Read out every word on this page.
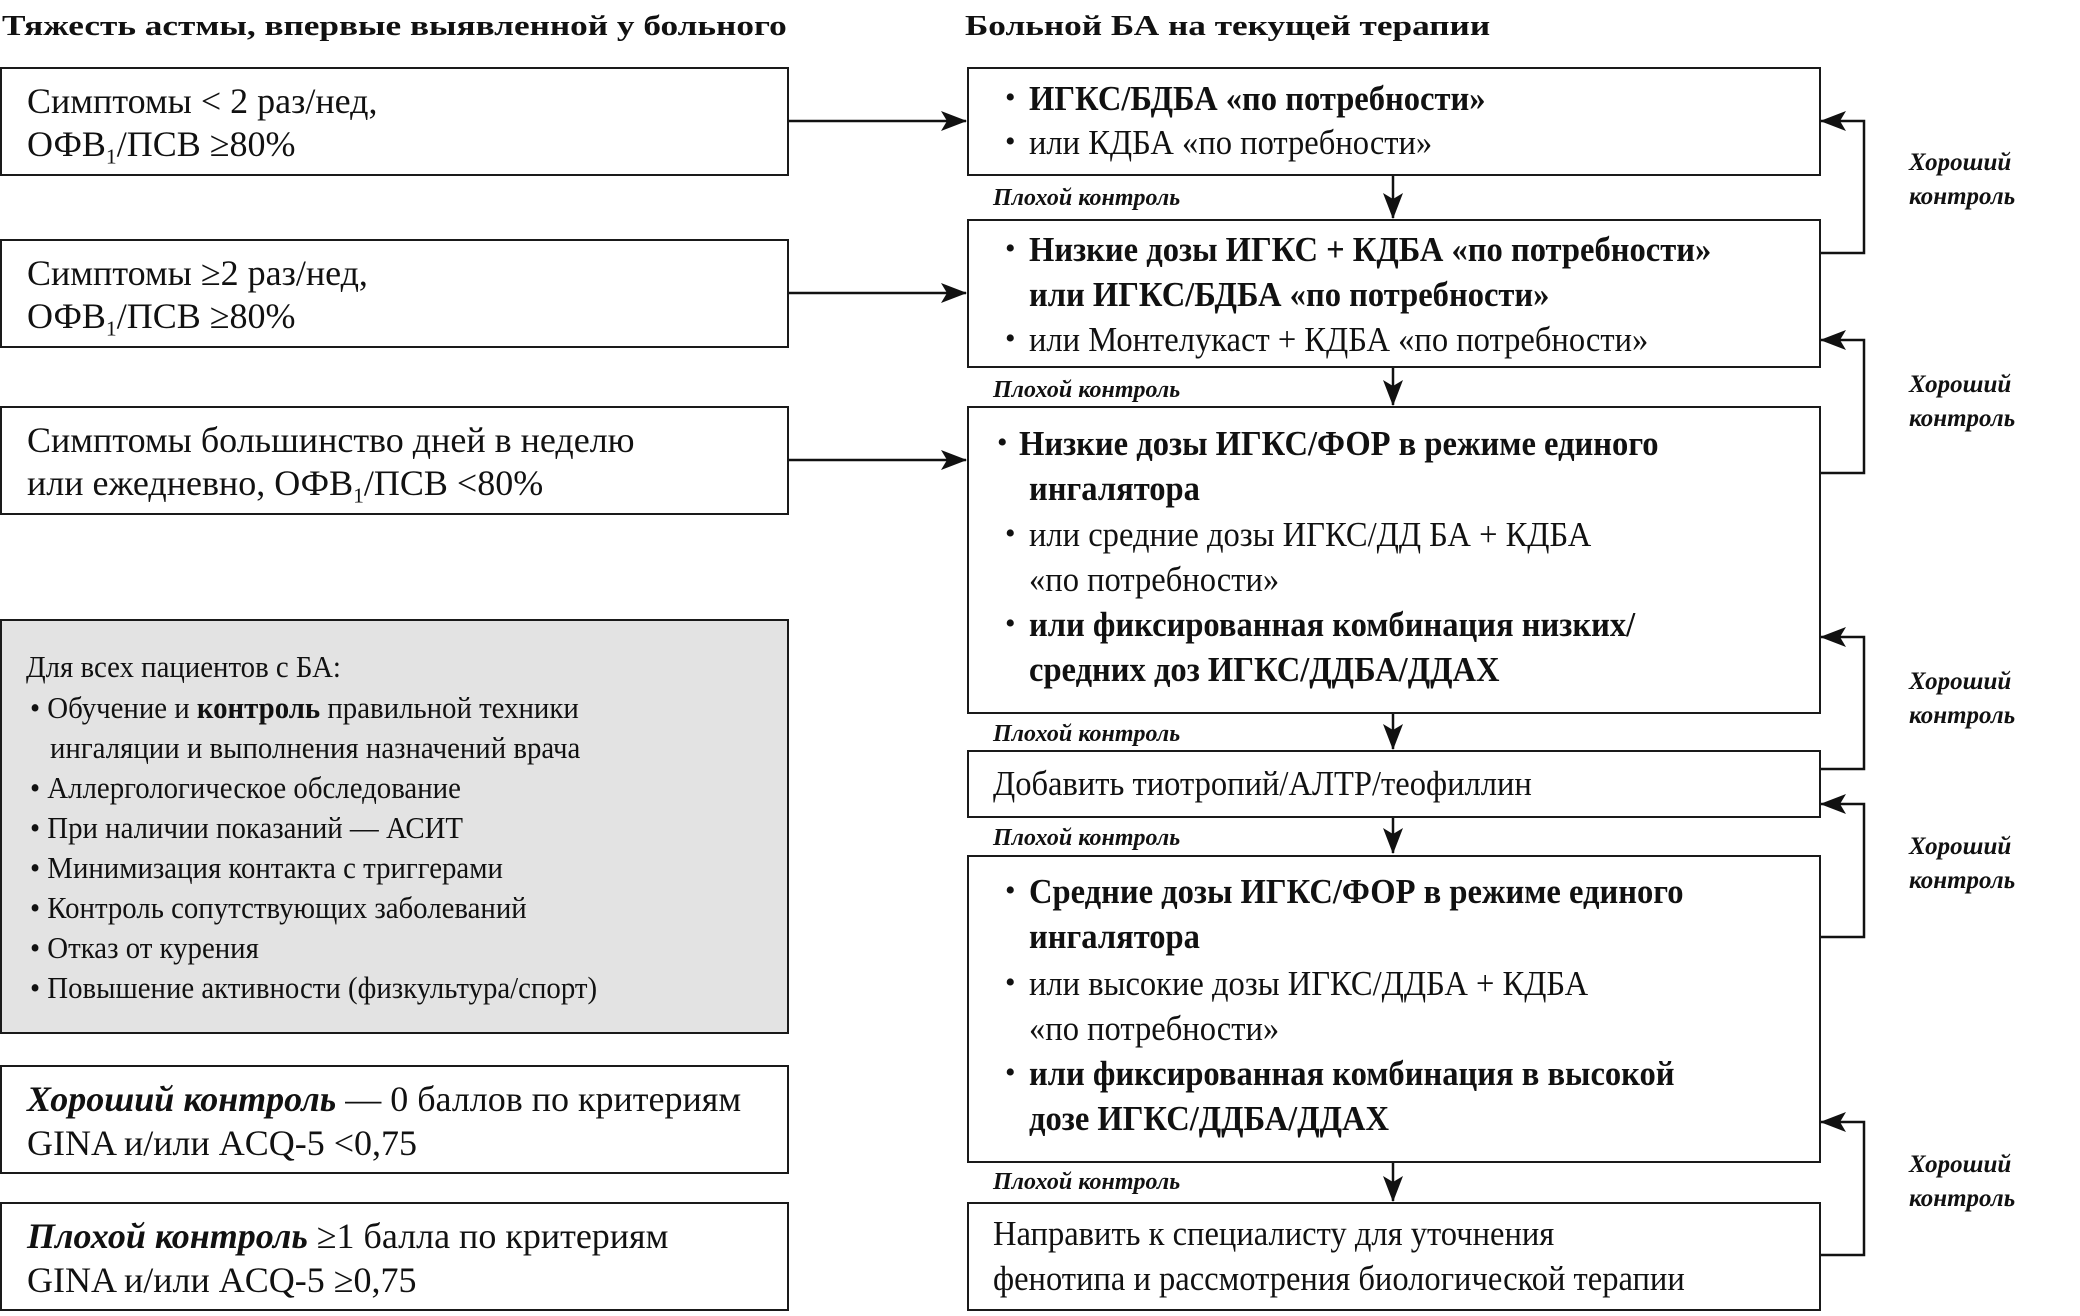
Тяжесть астмы, впервые выявленной у больного
Симптомы < 2 раз/нед,
$ОФВ_1$/ПСВ ≥80%
Симптомы ≥2 раз/нед,
$ОФВ_1$/ПСВ ≥80%
Симптомы большинство дней в неделю
или ежедневно, $ОФВ_1$/ПСВ <80%
Для всех пациентов с БА:
• Обучение и контроль правильной техники
ингаляции и выполнения назначений врача
• Аллергологическое обследование
• При наличии показаний — АСИТ
• Минимизация контакта с триггерами
• Контроль сопутствующих заболеваний
• Отказ от курения
• Повышение активности (физкультура/спорт)
Хороший контроль — 0 баллов по критериям
GINA и/или ACQ-5 <0,75
Плохой контроль ≥1 балла по критериям
GINA и/или ACQ-5 ≥0,75
Больной БА на текущей терапии
• ИГКС/БДБА «по потребности»
• или КДБА «по потребности»
Плохой контроль
• Низкие дозы ИГКС + КДБА «по потребности»
или ИГКС/БДБА «по потребности»
• или Монтелукаст + КДБА «по потребности»
Плохой контроль
• Низкие дозы ИГКС/ФОР в режиме единого
ингалятора
• или средние дозы ИГКС/ДД БА + КДБА
«по потребности»
• или фиксированная комбинация низких/
средних доз ИГКС/ДДБА/ДДАХ
Плохой контроль
Добавить тиотропий/АЛТР/теофиллин
Плохой контроль
• Средние дозы ИГКС/ФОР в режиме единого
ингалятора
• или высокие дозы ИГКС/ДДБА + КДБА
«по потребности»
• или фиксированная комбинация в высокой
дозе ИГКС/ДДБА/ДДАХ
Плохой контроль
Направить к специалисту для уточнения
фенотипа и рассмотрения биологической терапии
Хороший
контроль
Хороший
контроль
Хороший
контроль
Хороший
контроль
Хороший
контроль
